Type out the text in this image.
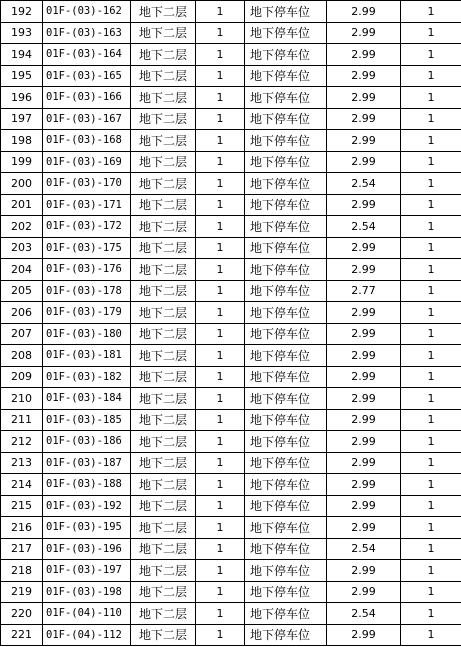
192	01F-(03)-162	地下二层	1	地下停车位	2.99	1
193	01F-(03)-163	地下二层	1	地下停车位	2.99	1
194	01F-(03)-164	地下二层	1	地下停车位	2.99	1
195	01F-(03)-165	地下二层	1	地下停车位	2.99	1
196	01F-(03)-166	地下二层	1	地下停车位	2.99	1
197	01F-(03)-167	地下二层	1	地下停车位	2.99	1
198	01F-(03)-168	地下二层	1	地下停车位	2.99	1
199	01F-(03)-169	地下二层	1	地下停车位	2.99	1
200	01F-(03)-170	地下二层	1	地下停车位	2.54	1
201	01F-(03)-171	地下二层	1	地下停车位	2.99	1
202	01F-(03)-172	地下二层	1	地下停车位	2.54	1
203	01F-(03)-175	地下二层	1	地下停车位	2.99	1
204	01F-(03)-176	地下二层	1	地下停车位	2.99	1
205	01F-(03)-178	地下二层	1	地下停车位	2.77	1
206	01F-(03)-179	地下二层	1	地下停车位	2.99	1
207	01F-(03)-180	地下二层	1	地下停车位	2.99	1
208	01F-(03)-181	地下二层	1	地下停车位	2.99	1
209	01F-(03)-182	地下二层	1	地下停车位	2.99	1
210	01F-(03)-184	地下二层	1	地下停车位	2.99	1
211	01F-(03)-185	地下二层	1	地下停车位	2.99	1
212	01F-(03)-186	地下二层	1	地下停车位	2.99	1
213	01F-(03)-187	地下二层	1	地下停车位	2.99	1
214	01F-(03)-188	地下二层	1	地下停车位	2.99	1
215	01F-(03)-192	地下二层	1	地下停车位	2.99	1
216	01F-(03)-195	地下二层	1	地下停车位	2.99	1
217	01F-(03)-196	地下二层	1	地下停车位	2.54	1
218	01F-(03)-197	地下二层	1	地下停车位	2.99	1
219	01F-(03)-198	地下二层	1	地下停车位	2.99	1
220	01F-(04)-110	地下二层	1	地下停车位	2.54	1
221	01F-(04)-112	地下二层	1	地下停车位	2.99	1
